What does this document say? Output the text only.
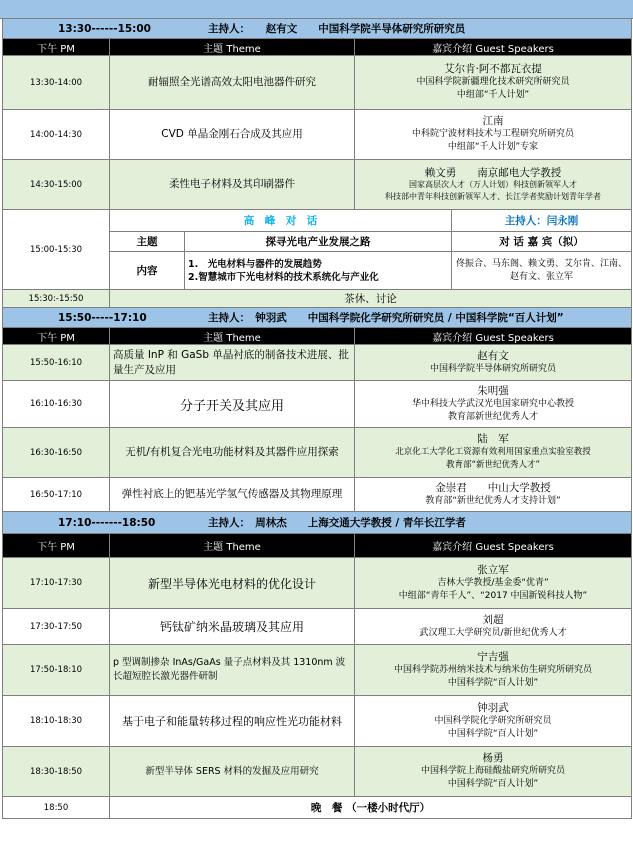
13:30------15:00 主持人：　　赵有文　　中国科学院半导体研究所研究员				
下午 PM	主题 Theme		嘉宾介绍 Guest Speakers	
13:30-14:00	耐辐照全光谱高效太阳电池器件研究		艾尔肯·阿不都瓦衣提
中国科学院新疆理化技术研究所研究员
中组部“千人计划”	

14:00-14:30	CVD 单晶金刚石合成及其应用		江南
中科院宁波材料技术与工程研究所研究员
中组部“千人计划”专家	

14:30-15:00	柔性电子材料及其印刷器件		赖文勇　　南京邮电大学教授
国家高层次人才（万人计划）科技创新领军人才
科技部中青年科技创新领军人才、长江学者奖励计划青年学者	

15:00-15:30	高　峰　对　话			主持人：闫永刚
	主题	探寻光电产业发展之路		对 话 嘉 宾（拟）
	内容	1.　光电材料与器件的发展趋势
2.智慧城市下光电材料的技术系统化与产业化		佟振合、马东阁、赖文勇、艾尔肯、江南、赵有文、张立军
15:30:-15:50	茶休、讨论			
15:50-----17:10 主持人：　钟羽武　　中国科学院化学研究所研究员 / 中国科学院“百人计划”				
下午 PM	主题 Theme		嘉宾介绍 Guest Speakers	
15:50-16:10	高质量 InP 和 GaSb 单晶衬底的制备技术进展、批量生产及应用		赵有文
中国科学院半导体研究所研究员	

16:10-16:30	分子开关及其应用		朱明强
华中科技大学武汉光电国家研究中心教授
教育部新世纪优秀人才	

16:30-16:50	无机/有机复合光电功能材料及其器件应用探索		陆　军
北京化工大学化工资源有效利用国家重点实验室教授
教育部“新世纪优秀人才”	

16:50-17:10	弹性衬底上的钯基光学氢气传感器及其物理原理		金崇君　　中山大学教授
教育部“新世纪优秀人才支持计划”	

17:10-------18:50 主持人：　周林杰　　上海交通大学教授 / 青年长江学者				
下午 PM	主题 Theme		嘉宾介绍 Guest Speakers	
17:10-17:30	新型半导体光电材料的优化设计		张立军
吉林大学教授/基金委“优青”
中组部“青年千人”、“2017 中国新锐科技人物”	

17:30-17:50	钙钛矿纳米晶玻璃及其应用		刘超
武汉理工大学研究员/新世纪优秀人才	

17:50-18:10	p 型调制掺杂 InAs/GaAs 量子点材料及其 1310nm 波长超短腔长激光器件研制		宁吉强
中国科学院苏州纳米技术与纳米仿生研究所研究员
中国科学院“百人计划”	

18:10-18:30	基于电子和能量转移过程的响应性光功能材料		钟羽武
中国科学院化学研究所研究员
中国科学院“百人计划”	

18:30-18:50	新型半导体 SERS 材料的发掘及应用研究		杨勇
中国科学院上海硅酸盐研究所研究员
中国科学院“百人计划”	

18:50	晚　餐 （一楼小时代厅）			
